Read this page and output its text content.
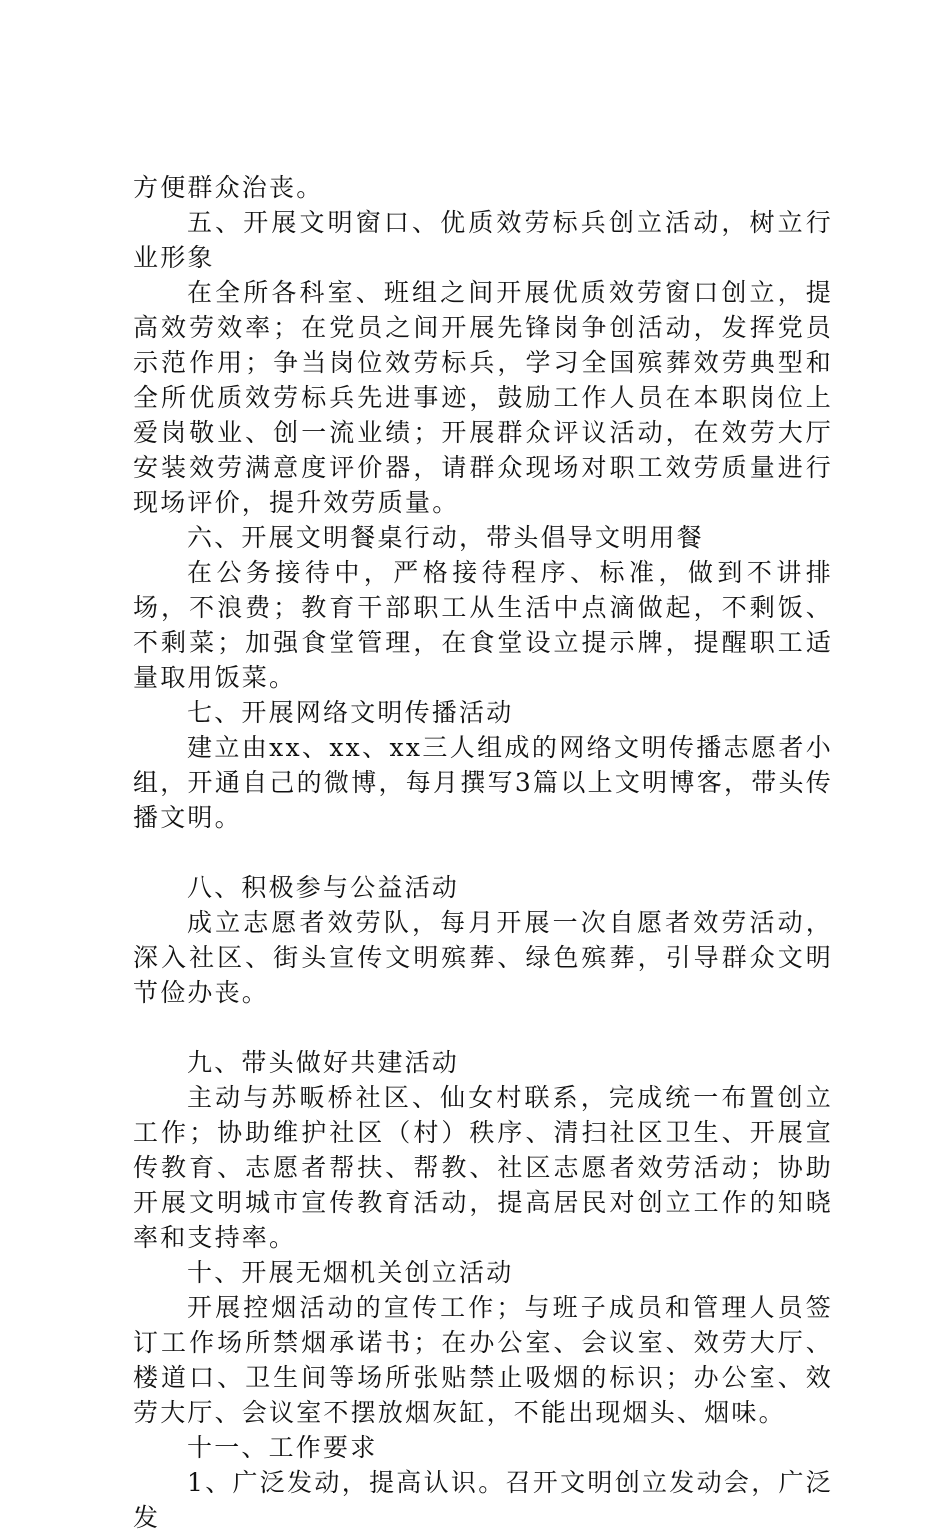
方便群众治丧。

五、开展文明窗口、优质效劳标兵创立活动，树立行业形象

在全所各科室、班组之间开展优质效劳窗口创立，提高效劳效率；在党员之间开展先锋岗争创活动，发挥党员示范作用；争当岗位效劳标兵，学习全国殡葬效劳典型和全所优质效劳标兵先进事迹，鼓励工作人员在本职岗位上爱岗敬业、创一流业绩；开展群众评议活动，在效劳大厅安装效劳满意度评价器，请群众现场对职工效劳质量进行现场评价，提升效劳质量。

六、开展文明餐桌行动，带头倡导文明用餐

在公务接待中，严格接待程序、标准，做到不讲排场，不浪费；教育干部职工从生活中点滴做起，不剩饭、不剩菜；加强食堂管理，在食堂设立提示牌，提醒职工适量取用饭菜。

七、开展网络文明传播活动

建立由xx、xx、xx三人组成的网络文明传播志愿者小组，开通自己的微博，每月撰写3篇以上文明博客，带头传播文明。

八、积极参与公益活动

成立志愿者效劳队，每月开展一次自愿者效劳活动，深入社区、街头宣传文明殡葬、绿色殡葬，引导群众文明节俭办丧。

九、带头做好共建活动

主动与苏畈桥社区、仙女村联系，完成统一布置创立工作；协助维护社区（村）秩序、清扫社区卫生、开展宣传教育、志愿者帮扶、帮教、社区志愿者效劳活动；协助开展文明城市宣传教育活动，提高居民对创立工作的知晓率和支持率。

十、开展无烟机关创立活动

开展控烟活动的宣传工作；与班子成员和管理人员签订工作场所禁烟承诺书；在办公室、会议室、效劳大厅、楼道口、卫生间等场所张贴禁止吸烟的标识；办公室、效劳大厅、会议室不摆放烟灰缸，不能出现烟头、烟味。

十一、工作要求

1、广泛发动，提高认识。召开文明创立发动会，广泛发
